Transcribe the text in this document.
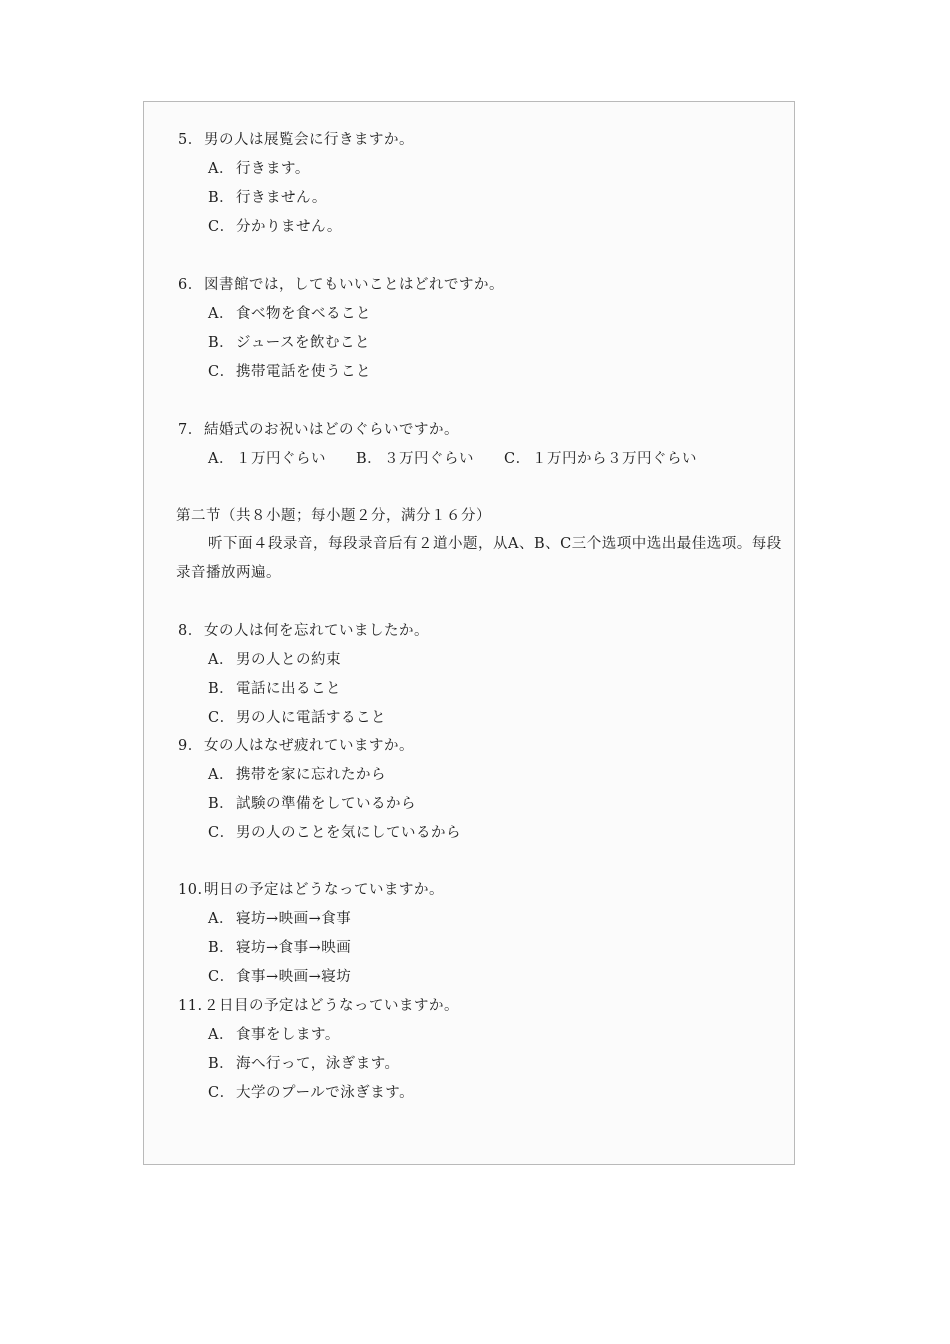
5．男の人は展覧会に行きますか。
A． 行きます。
B． 行きません。
C．分かりません。
6．図書館では，してもいいことはどれですか。
A． 食べ物を食べること
B． ジュースを飲むこと
C．携帯電話を使うこと
7．結婚式のお祝いはどのぐらいですか。
A． １万円ぐらい B． ３万円ぐらい C．１万円から３万円ぐらい
第二节（共８小题；每小题２分，满分１６分）
听下面４段录音，每段录音后有２道小题，从A、B、C三个选项中选出最佳选项。每段录音播放两遍。
8．女の人は何を忘れていましたか。
A． 男の人との約束
B． 電話に出ること
C．男の人に電話すること
9．女の人はなぜ疲れていますか。
A． 携帯を家に忘れたから
B． 試験の準備をしているから
C．男の人のことを気にしているから
10.明日の予定はどうなっていますか。
A． 寝坊→映画→食事
B． 寝坊→食事→映画
C．食事→映画→寝坊
11.２日目の予定はどうなっていますか。
A． 食事をします。
B． 海へ行って，泳ぎます。
C．大学のプールで泳ぎます。
